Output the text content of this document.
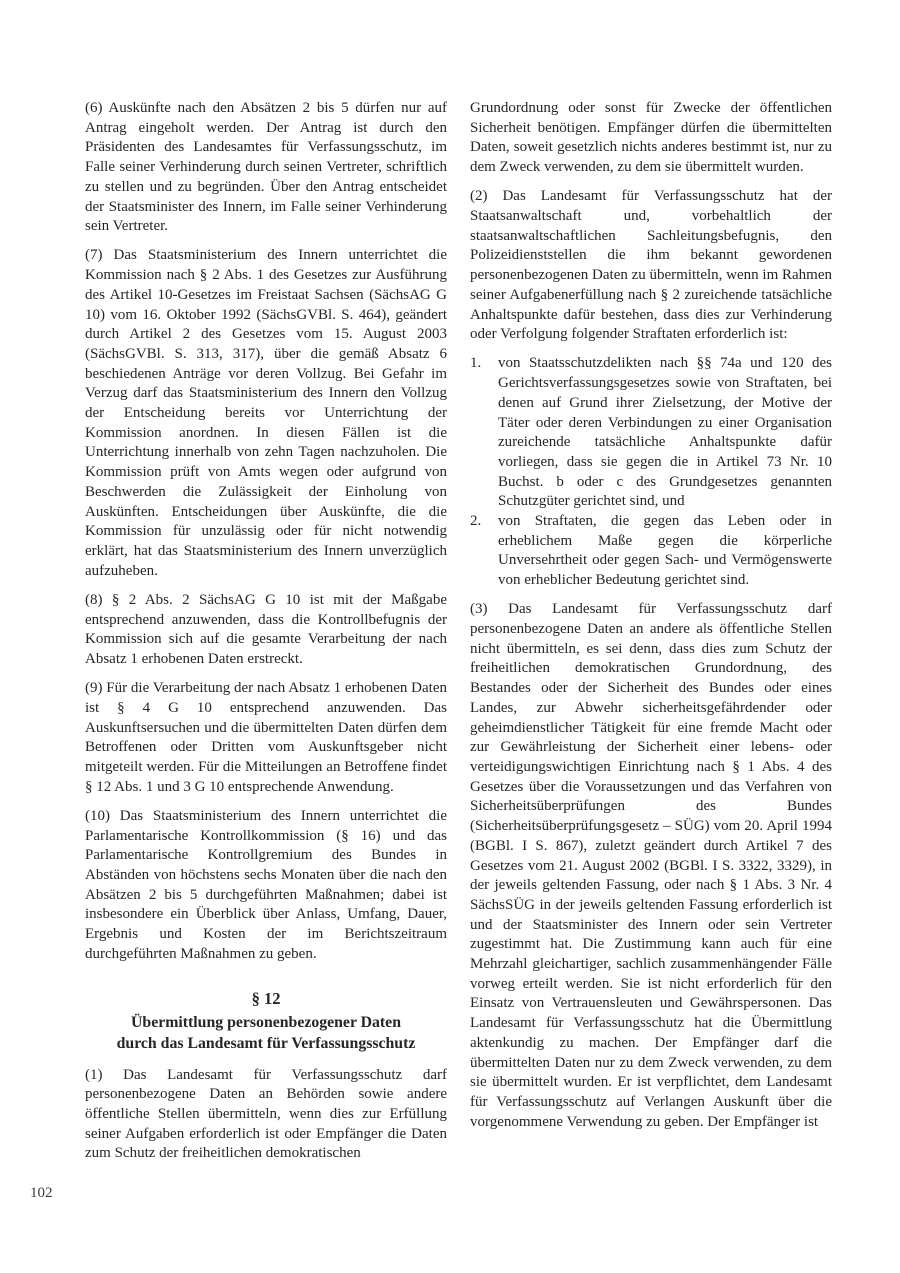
(6) Auskünfte nach den Absätzen 2 bis 5 dürfen nur auf Antrag eingeholt werden. Der Antrag ist durch den Präsidenten des Landesamtes für Verfassungsschutz, im Falle seiner Verhinderung durch seinen Vertreter, schriftlich zu stellen und zu begründen. Über den Antrag entscheidet der Staatsminister des Innern, im Falle seiner Verhinderung sein Vertreter.

(7) Das Staatsministerium des Innern unterrichtet die Kommission nach § 2 Abs. 1 des Gesetzes zur Ausführung des Artikel 10-Gesetzes im Freistaat Sachsen (SächsAG G 10) vom 16. Oktober 1992 (SächsGVBl. S. 464), geändert durch Artikel 2 des Gesetzes vom 15. August 2003 (SächsGVBl. S. 313, 317), über die gemäß Absatz 6 beschiedenen Anträge vor deren Vollzug. Bei Gefahr im Verzug darf das Staatsministerium des Innern den Vollzug der Entscheidung bereits vor Unterrichtung der Kommission anordnen. In diesen Fällen ist die Unterrichtung innerhalb von zehn Tagen nachzuholen. Die Kommission prüft von Amts wegen oder aufgrund von Beschwerden die Zulässigkeit der Einholung von Auskünften. Entscheidungen über Auskünfte, die die Kommission für unzulässig oder für nicht notwendig erklärt, hat das Staatsministerium des Innern unverzüglich aufzuheben.

(8) § 2 Abs. 2 SächsAG G 10 ist mit der Maßgabe entsprechend anzuwenden, dass die Kontrollbefugnis der Kommission sich auf die gesamte Verarbeitung der nach Absatz 1 erhobenen Daten erstreckt.

(9) Für die Verarbeitung der nach Absatz 1 erhobenen Daten ist § 4 G 10 entsprechend anzuwenden. Das Auskunftsersuchen und die übermittelten Daten dürfen dem Betroffenen oder Dritten vom Auskunftsgeber nicht mitgeteilt werden. Für die Mitteilungen an Betroffene findet § 12 Abs. 1 und 3 G 10 entsprechende Anwendung.

(10) Das Staatsministerium des Innern unterrichtet die Parlamentarische Kontrollkommission (§ 16) und das Parlamentarische Kontrollgremium des Bundes in Abständen von höchstens sechs Monaten über die nach den Absätzen 2 bis 5 durchgeführten Maßnahmen; dabei ist insbesondere ein Überblick über Anlass, Umfang, Dauer, Ergebnis und Kosten der im Berichtszeitraum durchgeführten Maßnahmen zu geben.

§ 12
Übermittlung personenbezogener Daten
durch das Landesamt für Verfassungsschutz

(1) Das Landesamt für Verfassungsschutz darf personenbezogene Daten an Behörden sowie andere öffentliche Stellen übermitteln, wenn dies zur Erfüllung seiner Aufgaben erforderlich ist oder Empfänger die Daten zum Schutz der freiheitlichen demokratischen

Grundordnung oder sonst für Zwecke der öffentlichen Sicherheit benötigen. Empfänger dürfen die übermittelten Daten, soweit gesetzlich nichts anderes bestimmt ist, nur zu dem Zweck verwenden, zu dem sie übermittelt wurden.

(2) Das Landesamt für Verfassungsschutz hat der Staatsanwaltschaft und, vorbehaltlich der staatsanwaltschaftlichen Sachleitungsbefugnis, den Polizeidienststellen die ihm bekannt gewordenen personenbezogenen Daten zu übermitteln, wenn im Rahmen seiner Aufgabenerfüllung nach § 2 zureichende tatsächliche Anhaltspunkte dafür bestehen, dass dies zur Verhinderung oder Verfolgung folgender Straftaten erforderlich ist:

1.	von Staatsschutzdelikten nach §§ 74a und 120 des Gerichtsverfassungsgesetzes sowie von Straftaten, bei denen auf Grund ihrer Zielsetzung, der Motive der Täter oder deren Verbindungen zu einer Organisation zureichende tatsächliche Anhaltspunkte dafür vorliegen, dass sie gegen die in Artikel 73 Nr. 10 Buchst. b oder c des Grundgesetzes genannten Schutzgüter gerichtet sind, und
2.	von Straftaten, die gegen das Leben oder in erheblichem Maße gegen die körperliche Unversehrtheit oder gegen Sach- und Vermögenswerte von erheblicher Bedeutung gerichtet sind.

(3) Das Landesamt für Verfassungsschutz darf personenbezogene Daten an andere als öffentliche Stellen nicht übermitteln, es sei denn, dass dies zum Schutz der freiheitlichen demokratischen Grundordnung, des Bestandes oder der Sicherheit des Bundes oder eines Landes, zur Abwehr sicherheitsgefährdender oder geheimdienstlicher Tätigkeit für eine fremde Macht oder zur Gewährleistung der Sicherheit einer lebens- oder verteidigungswichtigen Einrichtung nach § 1 Abs. 4 des Gesetzes über die Voraussetzungen und das Verfahren von Sicherheitsüberprüfungen des Bundes (Sicherheitsüberprüfungsgesetz – SÜG) vom 20. April 1994 (BGBl. I S. 867), zuletzt geändert durch Artikel 7 des Gesetzes vom 21. August 2002 (BGBl. I S. 3322, 3329), in der jeweils geltenden Fassung, oder nach § 1 Abs. 3 Nr. 4 SächsSÜG in der jeweils geltenden Fassung erforderlich ist und der Staatsminister des Innern oder sein Vertreter zugestimmt hat. Die Zustimmung kann auch für eine Mehrzahl gleichartiger, sachlich zusammenhängender Fälle vorweg erteilt werden. Sie ist nicht erforderlich für den Einsatz von Vertrauensleuten und Gewährspersonen. Das Landesamt für Verfassungsschutz hat die Übermittlung aktenkundig zu machen. Der Empfänger darf die übermittelten Daten nur zu dem Zweck verwenden, zu dem sie übermittelt wurden. Er ist verpflichtet, dem Landesamt für Verfassungsschutz auf Verlangen Auskunft über die vorgenommene Verwendung zu geben. Der Empfänger ist

102
